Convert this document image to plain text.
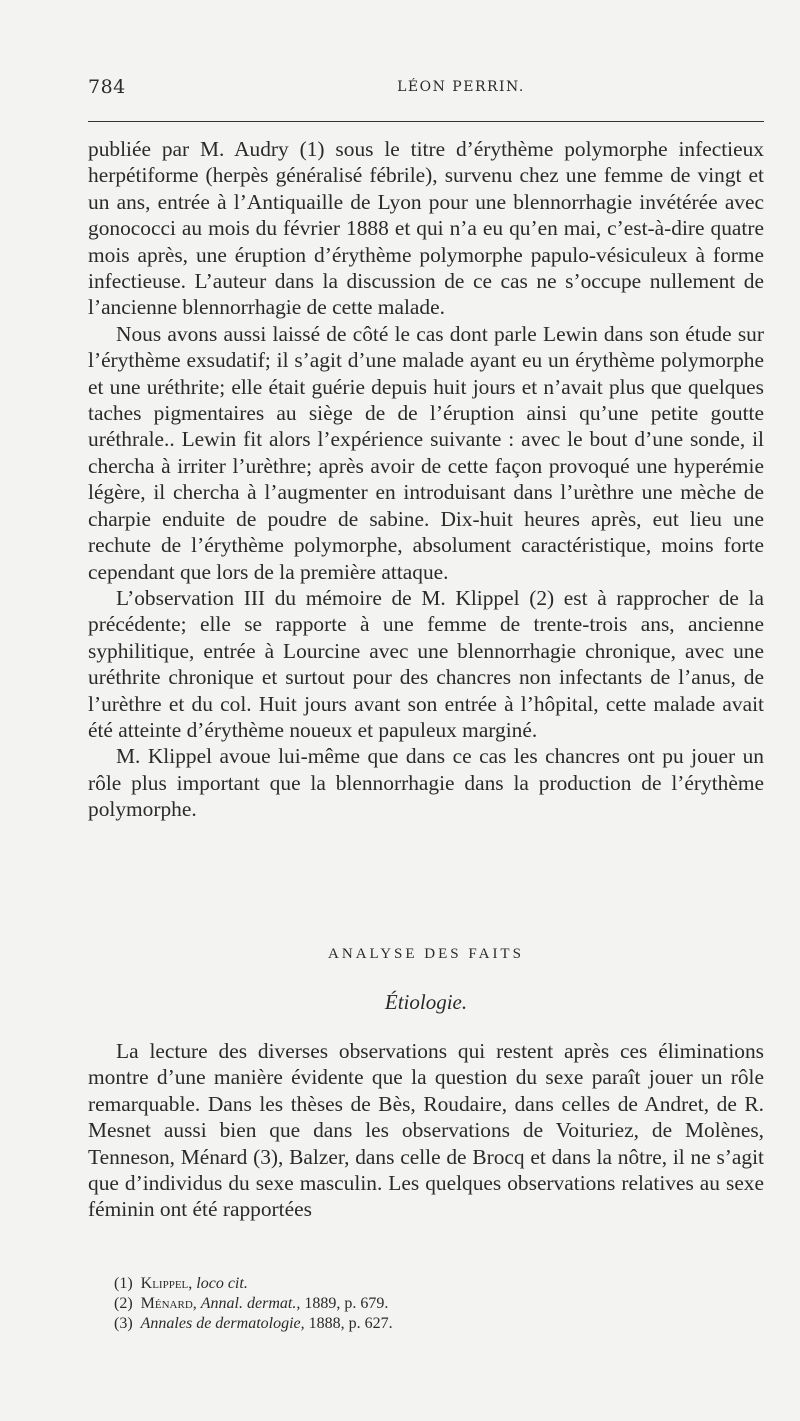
784	LÉON PERRIN.

publiée par M. Audry (1) sous le titre d’érythème polymorphe infectieux herpétiforme (herpès généralisé fébrile), survenu chez une femme de vingt et un ans, entrée à l’Antiquaille de Lyon pour une blennorrhagie invétérée avec gonococci au mois du février 1888 et qui n’a eu qu’en mai, c’est-à-dire quatre mois après, une éruption d’érythème polymorphe papulo-vésiculeux à forme infectieuse. L’auteur dans la discussion de ce cas ne s’occupe nullement de l’ancienne blennorrhagie de cette malade.

Nous avons aussi laissé de côté le cas dont parle Lewin dans son étude sur l’érythème exsudatif; il s’agit d’une malade ayant eu un érythème polymorphe et une uréthrite; elle était guérie depuis huit jours et n’avait plus que quelques taches pigmentaires au siège de de l’éruption ainsi qu’une petite goutte uréthrale.. Lewin fit alors l’expérience suivante : avec le bout d’une sonde, il chercha à irriter l’urèthre; après avoir de cette façon provoqué une hyperémie légère, il chercha à l’augmenter en introduisant dans l’urèthre une mèche de charpie enduite de poudre de sabine. Dix-huit heures après, eut lieu une rechute de l’érythème polymorphe, absolument caractéristique, moins forte cependant que lors de la première attaque.

L’observation III du mémoire de M. Klippel (2) est à rapprocher de la précédente; elle se rapporte à une femme de trente-trois ans, ancienne syphilitique, entrée à Lourcine avec une blennorrhagie chronique, avec une uréthrite chronique et surtout pour des chancres non infectants de l’anus, de l’urèthre et du col. Huit jours avant son entrée à l’hôpital, cette malade avait été atteinte d’érythème noueux et papuleux marginé.

M. Klippel avoue lui-même que dans ce cas les chancres ont pu jouer un rôle plus important que la blennorrhagie dans la production de l’érythème polymorphe.

ANALYSE DES FAITS
Étiologie.

La lecture des diverses observations qui restent après ces éliminations montre d’une manière évidente que la question du sexe paraît jouer un rôle remarquable. Dans les thèses de Bès, Roudaire, dans celles de Andret, de R. Mesnet aussi bien que dans les observations de Voituriez, de Molènes, Tenneson, Ménard (3), Balzer, dans celle de Brocq et dans la nôtre, il ne s’agit que d’individus du sexe masculin. Les quelques observations relatives au sexe féminin ont été rapportées

(1) Klippel, loco cit.
(2) Ménard, Annal. dermat., 1889, p. 679.
(3) Annales de dermatologie, 1888, p. 627.
